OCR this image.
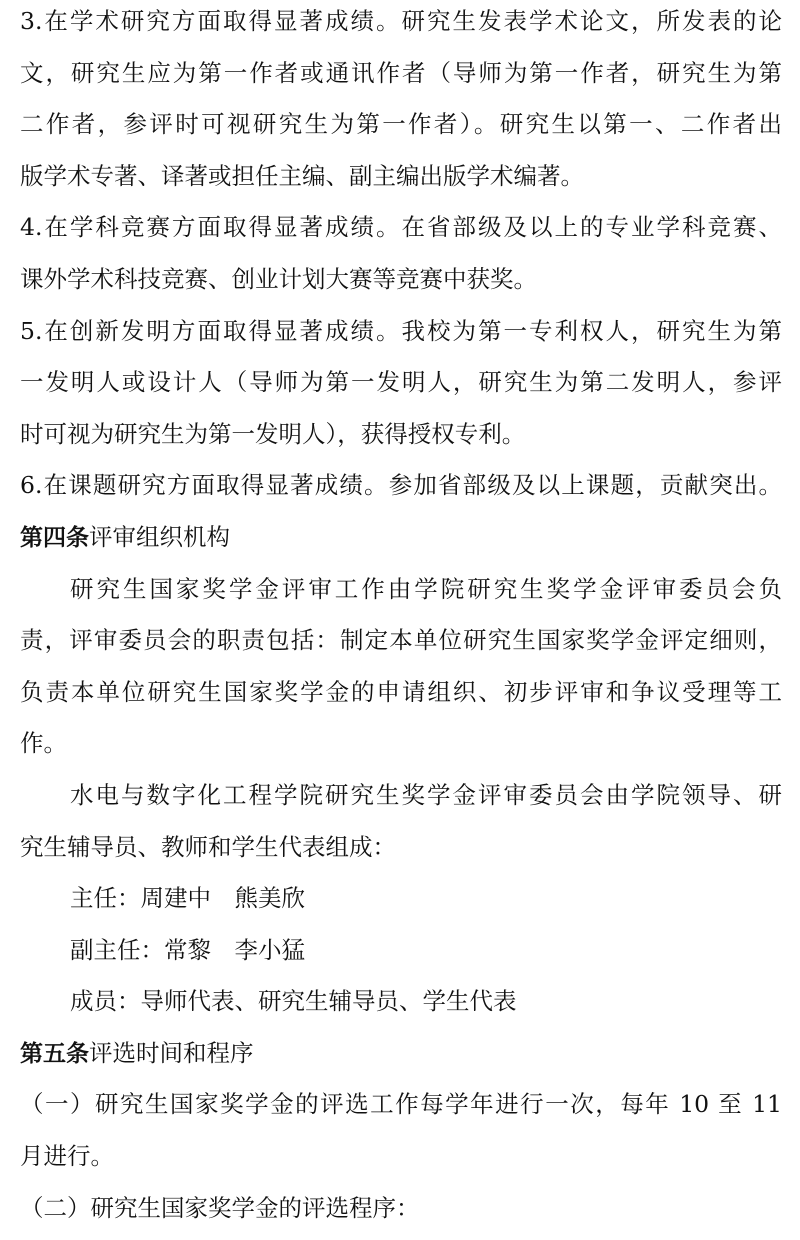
3.在学术研究方面取得显著成绩。研究生发表学术论文，所发表的论
文，研究生应为第一作者或通讯作者（导师为第一作者，研究生为第
二作者，参评时可视研究生为第一作者）。研究生以第一、二作者出
版学术专著、译著或担任主编、副主编出版学术编著。
4.在学科竞赛方面取得显著成绩。在省部级及以上的专业学科竞赛、
课外学术科技竞赛、创业计划大赛等竞赛中获奖。
5.在创新发明方面取得显著成绩。我校为第一专利权人，研究生为第
一发明人或设计人（导师为第一发明人，研究生为第二发明人，参评
时可视为研究生为第一发明人），获得授权专利。
6.在课题研究方面取得显著成绩。参加省部级及以上课题，贡献突出。
第四条评审组织机构
研究生国家奖学金评审工作由学院研究生奖学金评审委员会负
责，评审委员会的职责包括：制定本单位研究生国家奖学金评定细则，
负责本单位研究生国家奖学金的申请组织、初步评审和争议受理等工
作。
水电与数字化工程学院研究生奖学金评审委员会由学院领导、研
究生辅导员、教师和学生代表组成：
主任：周建中　熊美欣
副主任：常黎　李小猛
成员：导师代表、研究生辅导员、学生代表
第五条评选时间和程序
（一）研究生国家奖学金的评选工作每学年进行一次，每年 10 至 11
月进行。
（二）研究生国家奖学金的评选程序：
